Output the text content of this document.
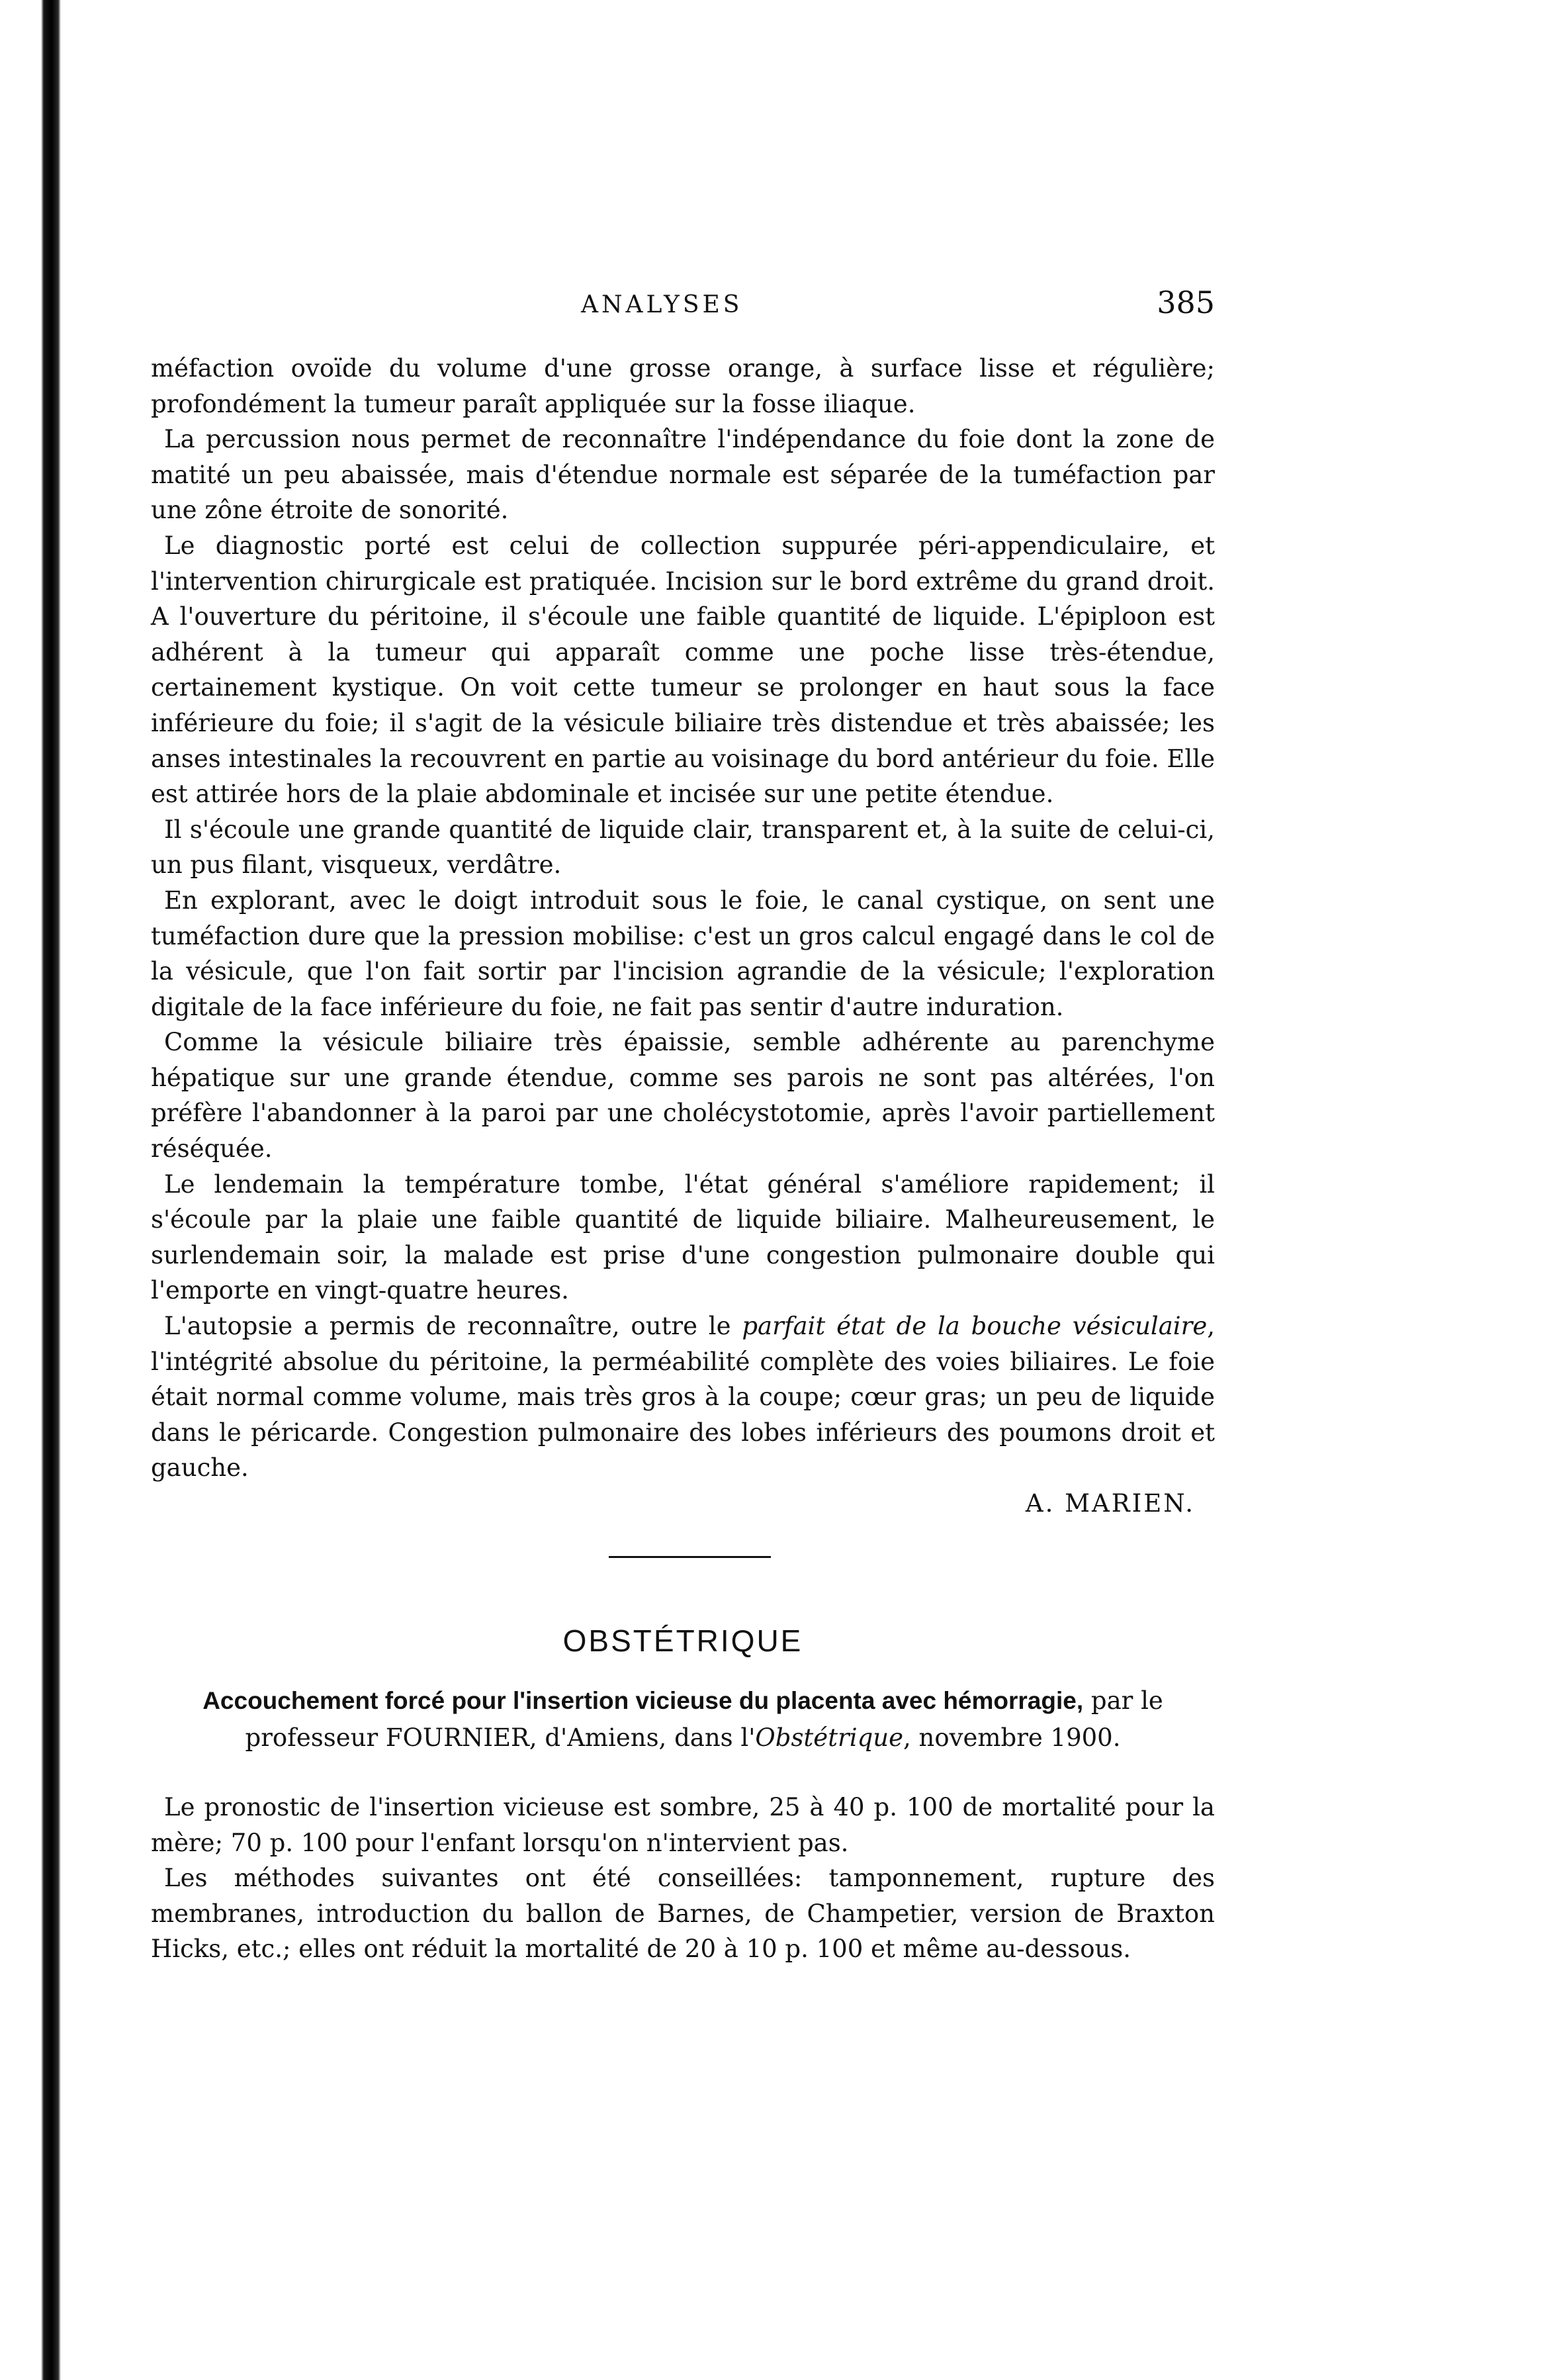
ANALYSES	385

méfaction ovoïde du volume d'une grosse orange, à surface lisse et régulière; profondément la tumeur paraît appliquée sur la fosse iliaque.

La percussion nous permet de reconnaître l'indépendance du foie dont la zone de matité un peu abaissée, mais d'étendue normale est séparée de la tuméfaction par une zône étroite de sonorité.

Le diagnostic porté est celui de collection suppurée péri-appendiculaire, et l'intervention chirurgicale est pratiquée. Incision sur le bord extrême du grand droit. A l'ouverture du péritoine, il s'écoule une faible quantité de liquide. L'épiploon est adhérent à la tumeur qui apparaît comme une poche lisse très-étendue, certainement kystique. On voit cette tumeur se prolonger en haut sous la face inférieure du foie; il s'agit de la vésicule biliaire très distendue et très abaissée; les anses intestinales la recouvrent en partie au voisinage du bord antérieur du foie. Elle est attirée hors de la plaie abdominale et incisée sur une petite étendue.

Il s'écoule une grande quantité de liquide clair, transparent et, à la suite de celui-ci, un pus filant, visqueux, verdâtre.

En explorant, avec le doigt introduit sous le foie, le canal cystique, on sent une tuméfaction dure que la pression mobilise: c'est un gros calcul engagé dans le col de la vésicule, que l'on fait sortir par l'incision agrandie de la vésicule; l'exploration digitale de la face inférieure du foie, ne fait pas sentir d'autre induration.

Comme la vésicule biliaire très épaissie, semble adhérente au parenchyme hépatique sur une grande étendue, comme ses parois ne sont pas altérées, l'on préfère l'abandonner à la paroi par une cholécystotomie, après l'avoir partiellement réséquée.

Le lendemain la température tombe, l'état général s'améliore rapidement; il s'écoule par la plaie une faible quantité de liquide biliaire. Malheureusement, le surlendemain soir, la malade est prise d'une congestion pulmonaire double qui l'emporte en vingt-quatre heures.

L'autopsie a permis de reconnaître, outre le parfait état de la bouche vésiculaire, l'intégrité absolue du péritoine, la perméabilité complète des voies biliaires. Le foie était normal comme volume, mais très gros à la coupe; cœur gras; un peu de liquide dans le péricarde. Congestion pulmonaire des lobes inférieurs des poumons droit et gauche.

A. MARIEN.
OBSTÉTRIQUE
Accouchement forcé pour l'insertion vicieuse du placenta avec hémorragie, par le professeur FOURNIER, d'Amiens, dans l'Obstétrique, novembre 1900.

Le pronostic de l'insertion vicieuse est sombre, 25 à 40 p. 100 de mortalité pour la mère; 70 p. 100 pour l'enfant lorsqu'on n'intervient pas.

Les méthodes suivantes ont été conseillées: tamponnement, rupture des membranes, introduction du ballon de Barnes, de Champetier, version de Braxton Hicks, etc.; elles ont réduit la mortalité de 20 à 10 p. 100 et même au-dessous.
